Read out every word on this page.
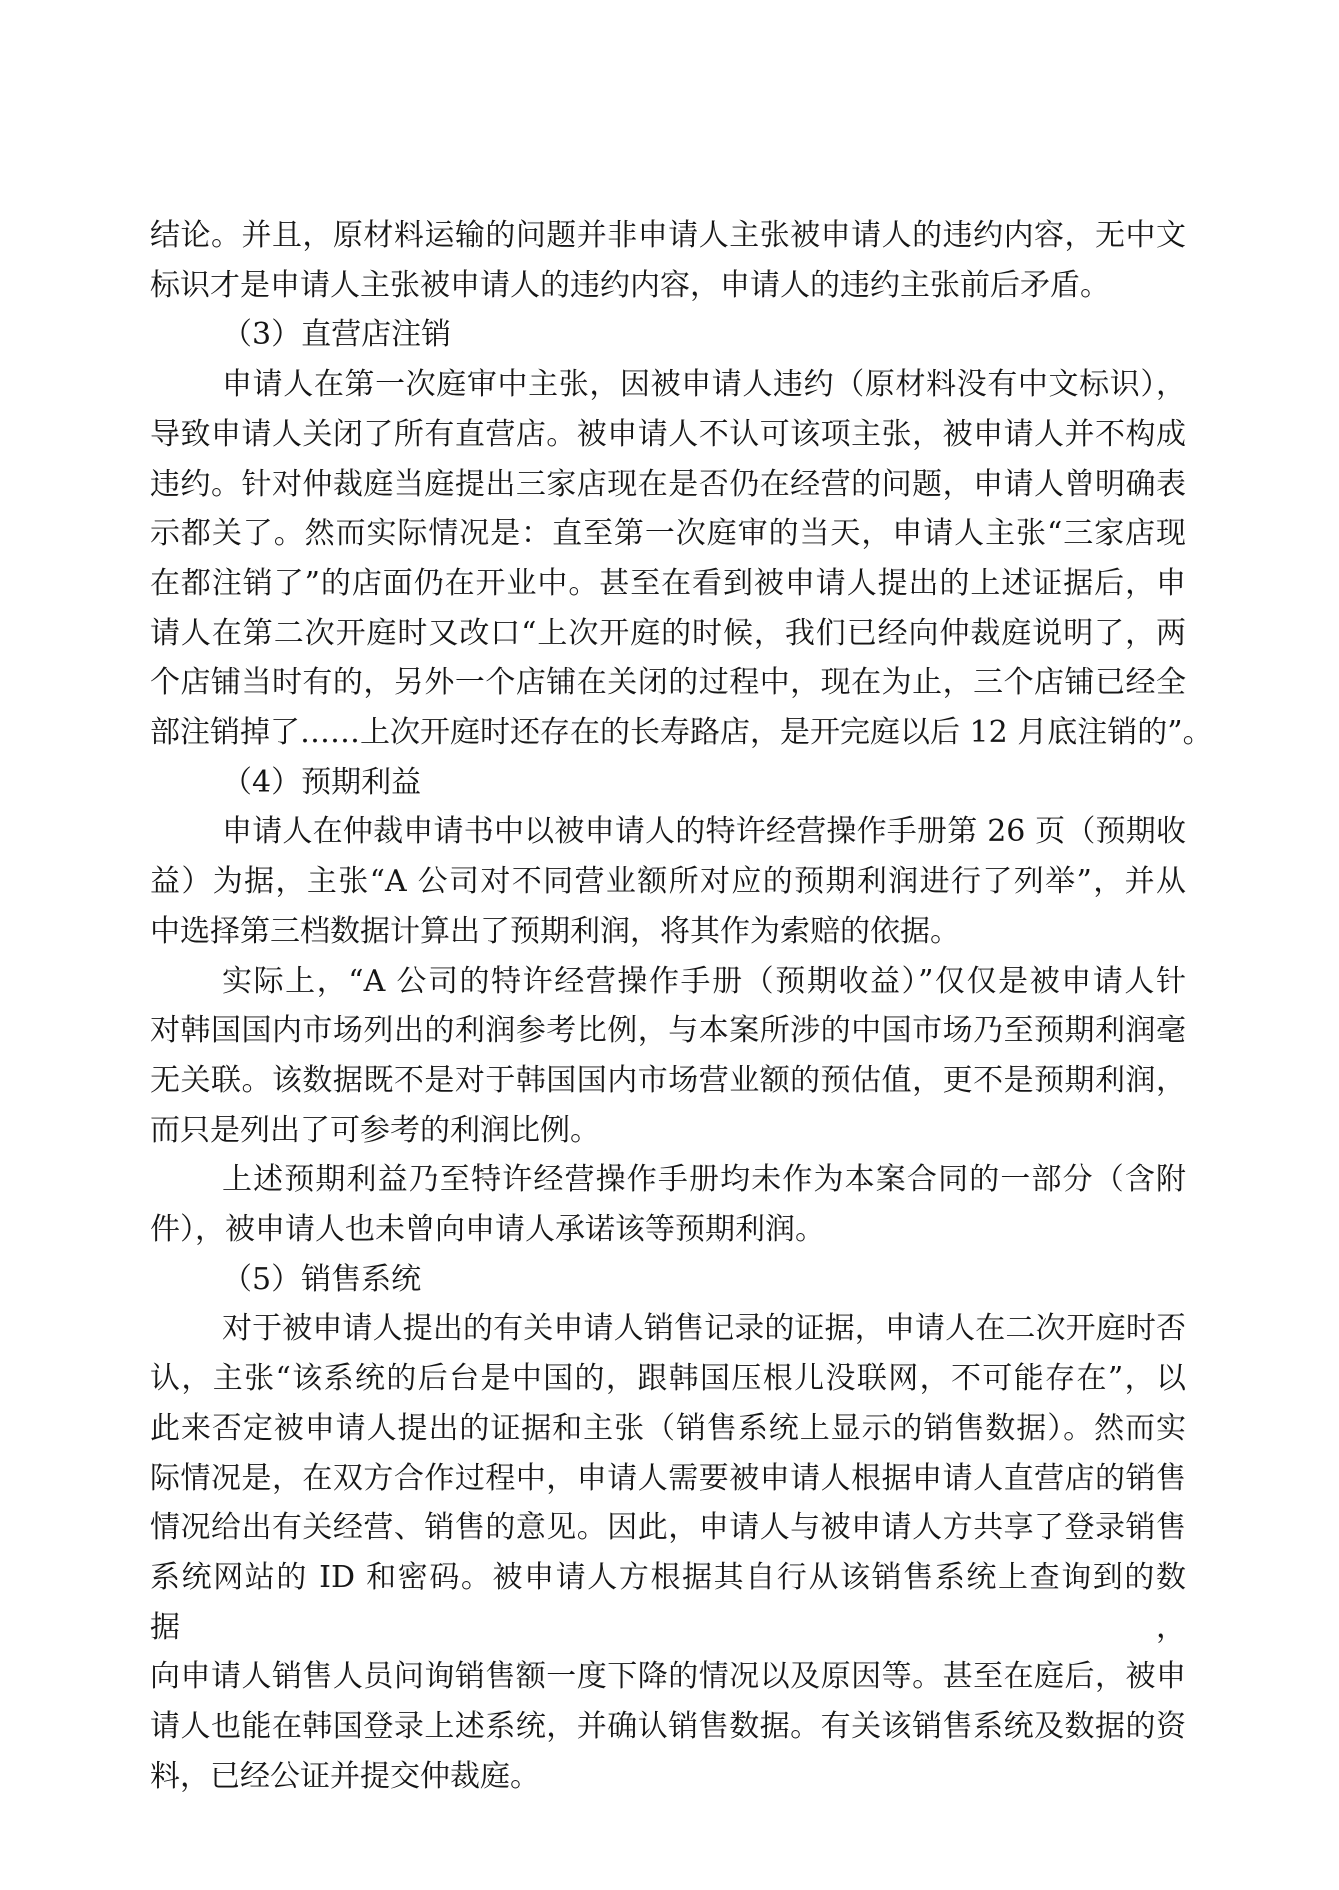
结论。并且，原材料运输的问题并非申请人主张被申请人的违约内容，无中文
标识才是申请人主张被申请人的违约内容，申请人的违约主张前后矛盾。
（3）直营店注销
申请人在第一次庭审中主张，因被申请人违约（原材料没有中文标识），
导致申请人关闭了所有直营店。被申请人不认可该项主张，被申请人并不构成
违约。针对仲裁庭当庭提出三家店现在是否仍在经营的问题，申请人曾明确表
示都关了。然而实际情况是：直至第一次庭审的当天，申请人主张“三家店现
在都注销了”的店面仍在开业中。甚至在看到被申请人提出的上述证据后，申
请人在第二次开庭时又改口“上次开庭的时候，我们已经向仲裁庭说明了，两
个店铺当时有的，另外一个店铺在关闭的过程中，现在为止，三个店铺已经全
部注销掉了……上次开庭时还存在的长寿路店，是开完庭以后 12 月底注销的”。
（4）预期利益
申请人在仲裁申请书中以被申请人的特许经营操作手册第 26 页（预期收
益）为据，主张“A 公司对不同营业额所对应的预期利润进行了列举”，并从
中选择第三档数据计算出了预期利润，将其作为索赔的依据。
实际上，“A 公司的特许经营操作手册（预期收益）”仅仅是被申请人针
对韩国国内市场列出的利润参考比例，与本案所涉的中国市场乃至预期利润毫
无关联。该数据既不是对于韩国国内市场营业额的预估值，更不是预期利润，
而只是列出了可参考的利润比例。
上述预期利益乃至特许经营操作手册均未作为本案合同的一部分（含附
件），被申请人也未曾向申请人承诺该等预期利润。
（5）销售系统
对于被申请人提出的有关申请人销售记录的证据，申请人在二次开庭时否
认，主张“该系统的后台是中国的，跟韩国压根儿没联网，不可能存在”，以
此来否定被申请人提出的证据和主张（销售系统上显示的销售数据）。然而实
际情况是，在双方合作过程中，申请人需要被申请人根据申请人直营店的销售
情况给出有关经营、销售的意见。因此，申请人与被申请人方共享了登录销售
系统网站的 ID 和密码。被申请人方根据其自行从该销售系统上查询到的数据，
向申请人销售人员问询销售额一度下降的情况以及原因等。甚至在庭后，被申
请人也能在韩国登录上述系统，并确认销售数据。有关该销售系统及数据的资
料，已经公证并提交仲裁庭。
